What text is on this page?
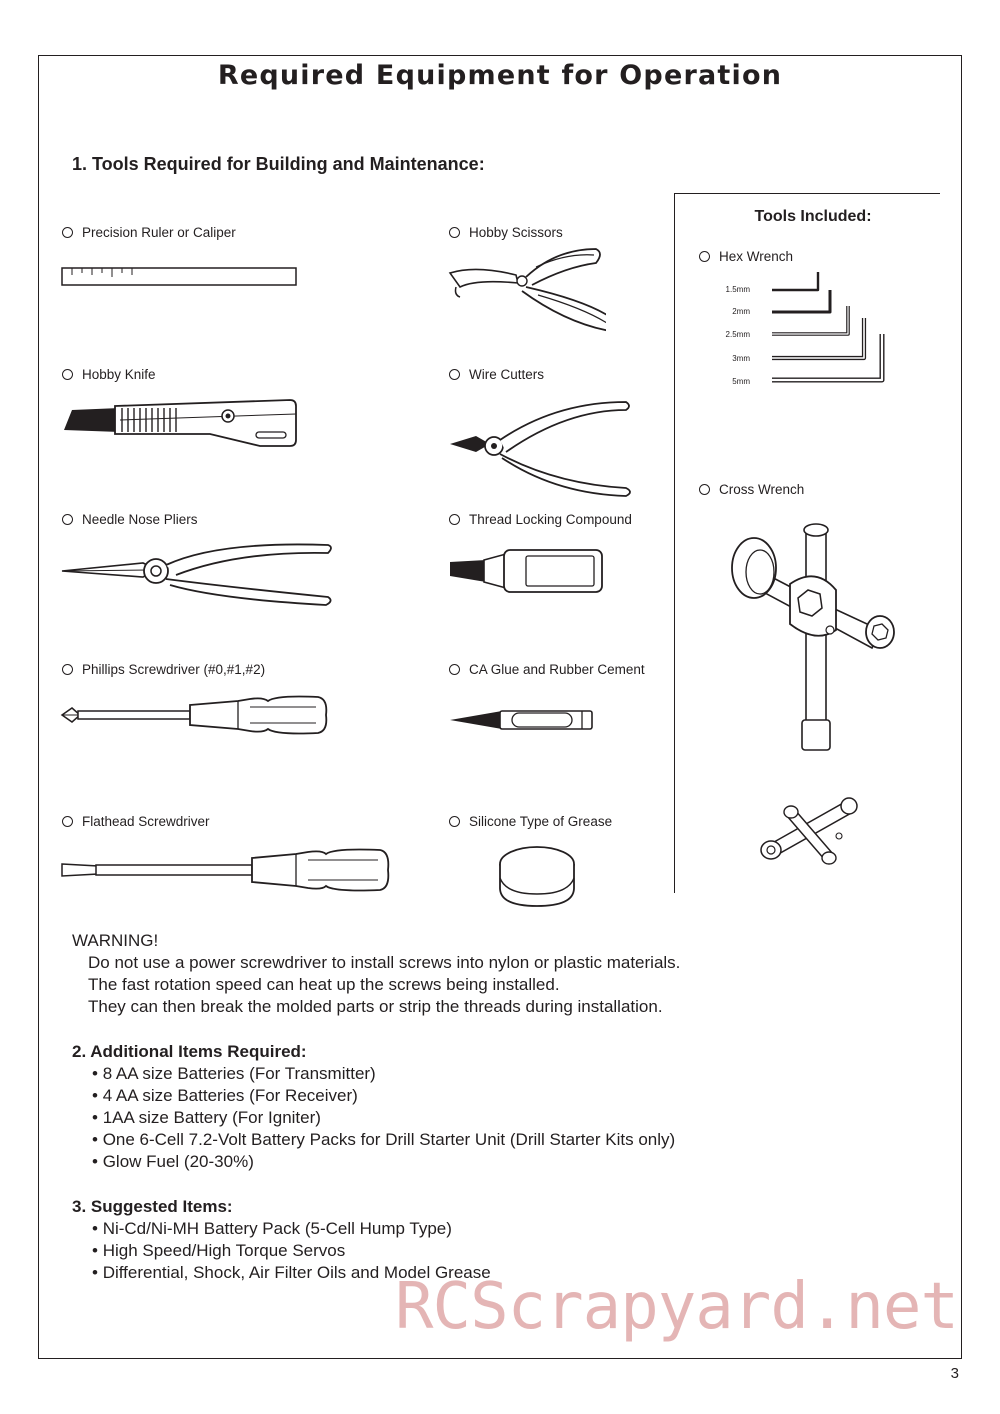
Required Equipment for Operation
1. Tools Required for Building and Maintenance:
Precision Ruler or Caliper	Hobby Scissors
Hobby Knife	Wire Cutters
Needle Nose Pliers	Thread Locking Compound
Phillips Screwdriver (#0,#1,#2)	CA Glue and Rubber Cement
Flathead Screwdriver	Silicone Type of Grease
Tools Included:
Hex Wrench
1.5mm
2mm
2.5mm
3mm
5mm
Cross Wrench
WARNING!
Do not use a power screwdriver to install screws into nylon or plastic materials.
The fast rotation speed can heat up the screws being installed.
They can then break the molded parts or strip the threads during installation.
2. Additional Items Required:
• 8 AA size Batteries (For Transmitter)
• 4 AA size Batteries (For Receiver)
• 1AA size Battery (For Igniter)
• One 6-Cell 7.2-Volt Battery Packs for Drill Starter Unit (Drill Starter Kits only)
• Glow Fuel (20-30%)
3. Suggested Items:
• Ni-Cd/Ni-MH Battery Pack (5-Cell Hump Type)
• High Speed/High Torque Servos
• Differential, Shock, Air Filter Oils and Model Grease
RCScrapyard.net
3
